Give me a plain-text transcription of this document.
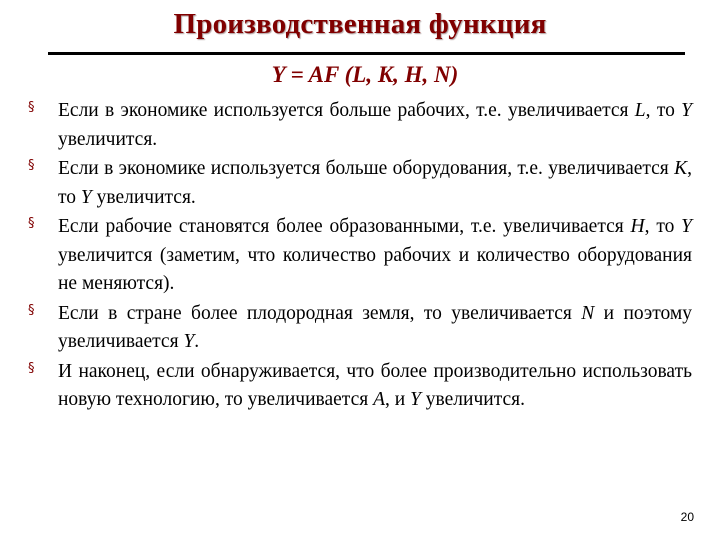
Производственная функция
Y = AF (L, K, H, N)
§ Если в экономике используется больше рабочих, т.е. увеличивается L, то Y увеличится.
§ Если в экономике используется больше оборудования, т.е. увеличивается K, то Y увеличится.
§ Если рабочие становятся более образованными, т.е. увеличивается H, то Y увеличится (заметим, что количество рабочих и количество оборудования не меняются).
§ Если в стране более плодородная земля, то увеличивается N и поэтому увеличивается Y.
§ И наконец, если обнаруживается, что более производительно использовать новую технологию, то увеличивается A, и Y увеличится.
20
